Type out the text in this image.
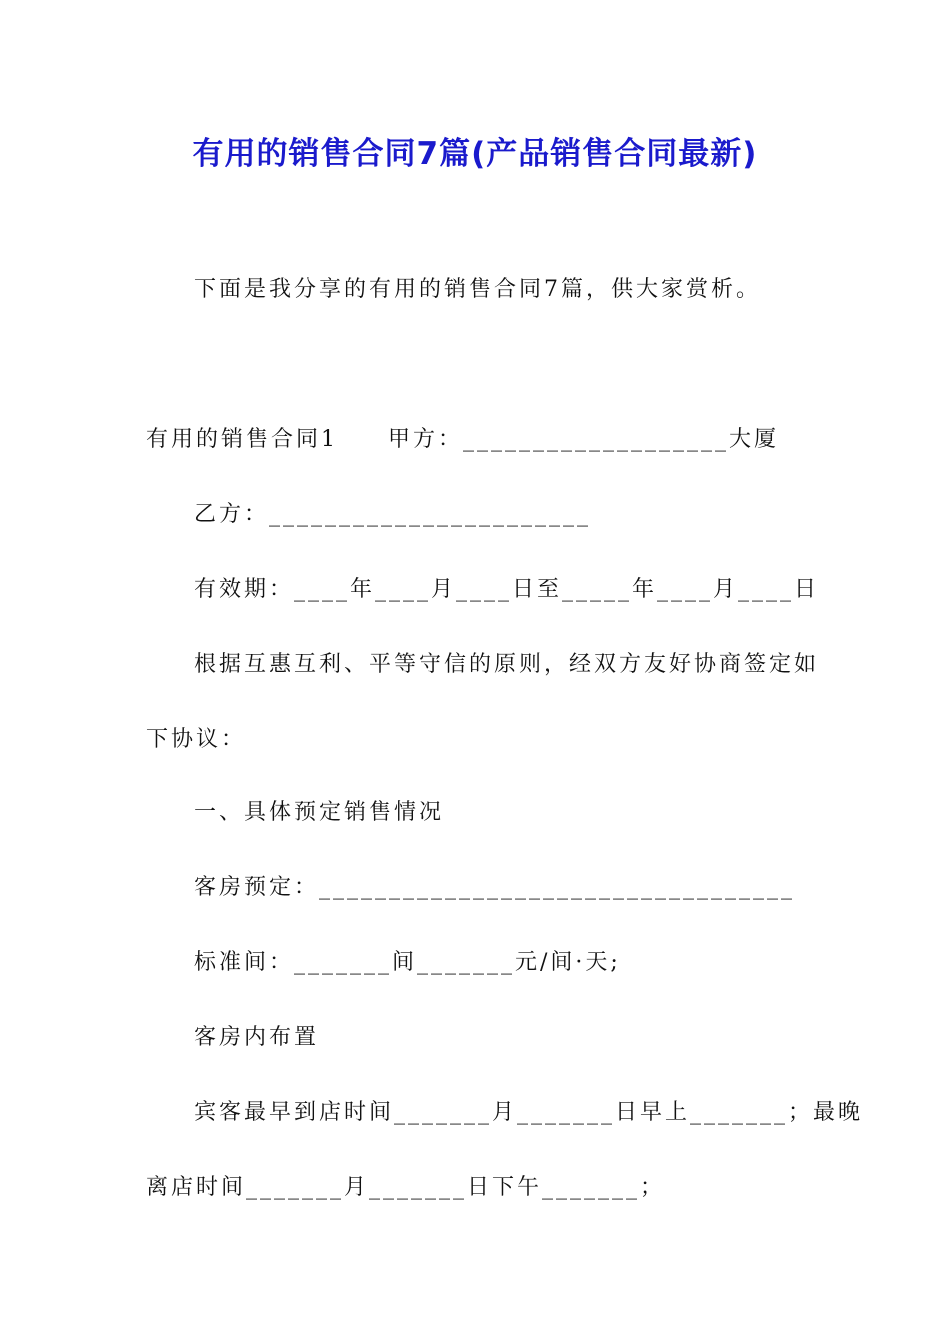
有用的销售合同7篇(产品销售合同最新)
下面是我分享的有用的销售合同7篇，供大家赏析。
有用的销售合同1　　甲方：___________________大厦
乙方：_______________________
有效期：____年____月____日至_____年____月____日
根据互惠互利、平等守信的原则，经双方友好协商签定如
下协议：
一、具体预定销售情况
客房预定：__________________________________
标准间：_______间_______元/间·天;
客房内布置
宾客最早到店时间_______月_______日早上_______；最晚
离店时间_______月_______日下午_______；
